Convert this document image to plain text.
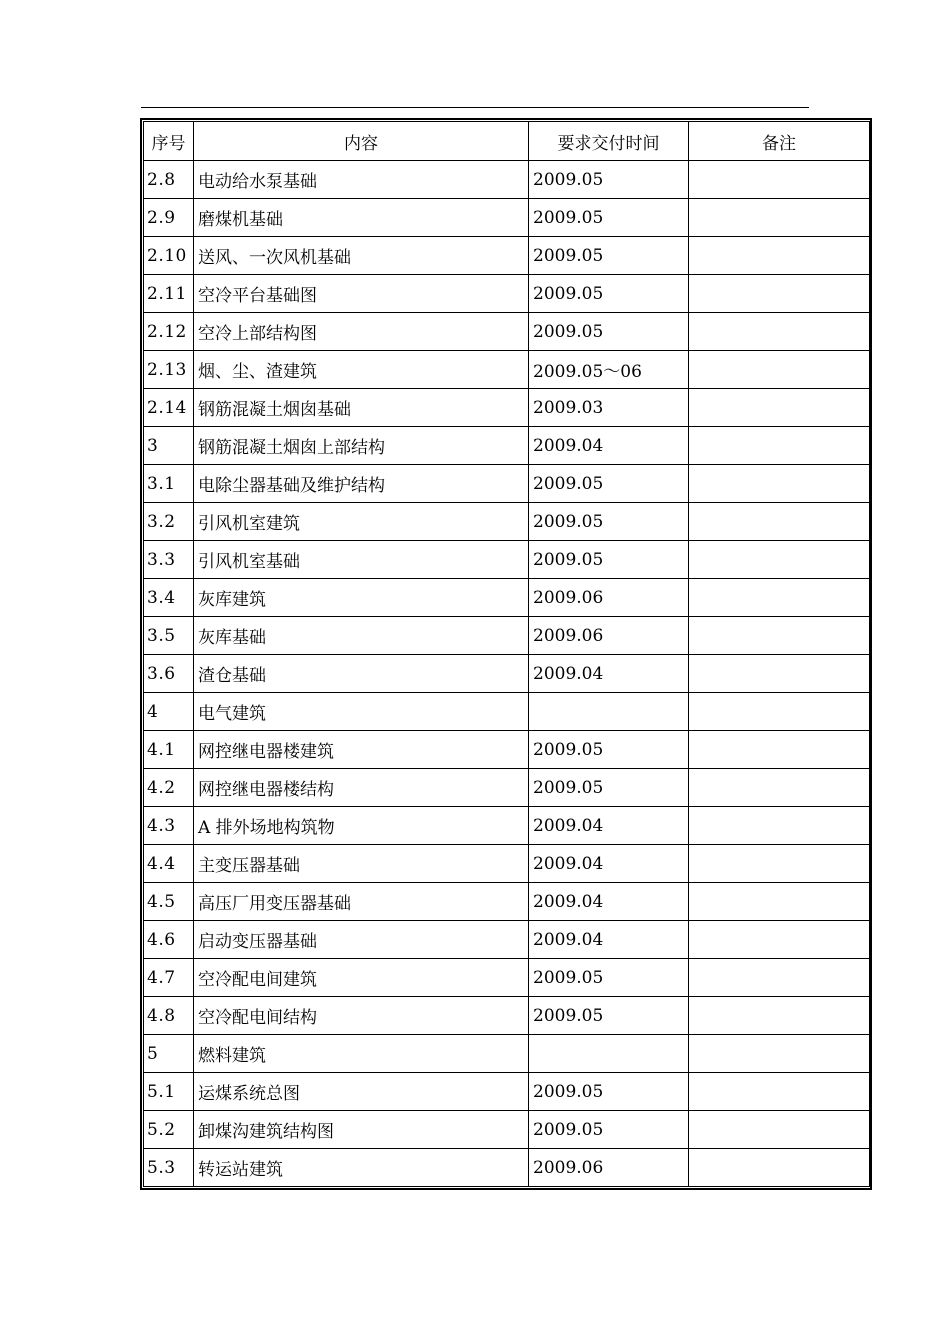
序号	内容	要求交付时间	备注
2.8	电动给水泵基础	2009.05	
2.9	磨煤机基础	2009.05	
2.10	送风、一次风机基础	2009.05	
2.11	空冷平台基础图	2009.05	
2.12	空冷上部结构图	2009.05	
2.13	烟、尘、渣建筑	2009.05～06	
2.14	钢筋混凝土烟囱基础	2009.03	
3	钢筋混凝土烟囱上部结构	2009.04	
3.1	电除尘器基础及维护结构	2009.05	
3.2	引风机室建筑	2009.05	
3.3	引风机室基础	2009.05	
3.4	灰库建筑	2009.06	
3.5	灰库基础	2009.06	
3.6	渣仓基础	2009.04	
4	电气建筑		
4.1	网控继电器楼建筑	2009.05	
4.2	网控继电器楼结构	2009.05	
4.3	A 排外场地构筑物	2009.04	
4.4	主变压器基础	2009.04	
4.5	高压厂用变压器基础	2009.04	
4.6	启动变压器基础	2009.04	
4.7	空冷配电间建筑	2009.05	
4.8	空冷配电间结构	2009.05	
5	燃料建筑		
5.1	运煤系统总图	2009.05	
5.2	卸煤沟建筑结构图	2009.05	
5.3	转运站建筑	2009.06	
